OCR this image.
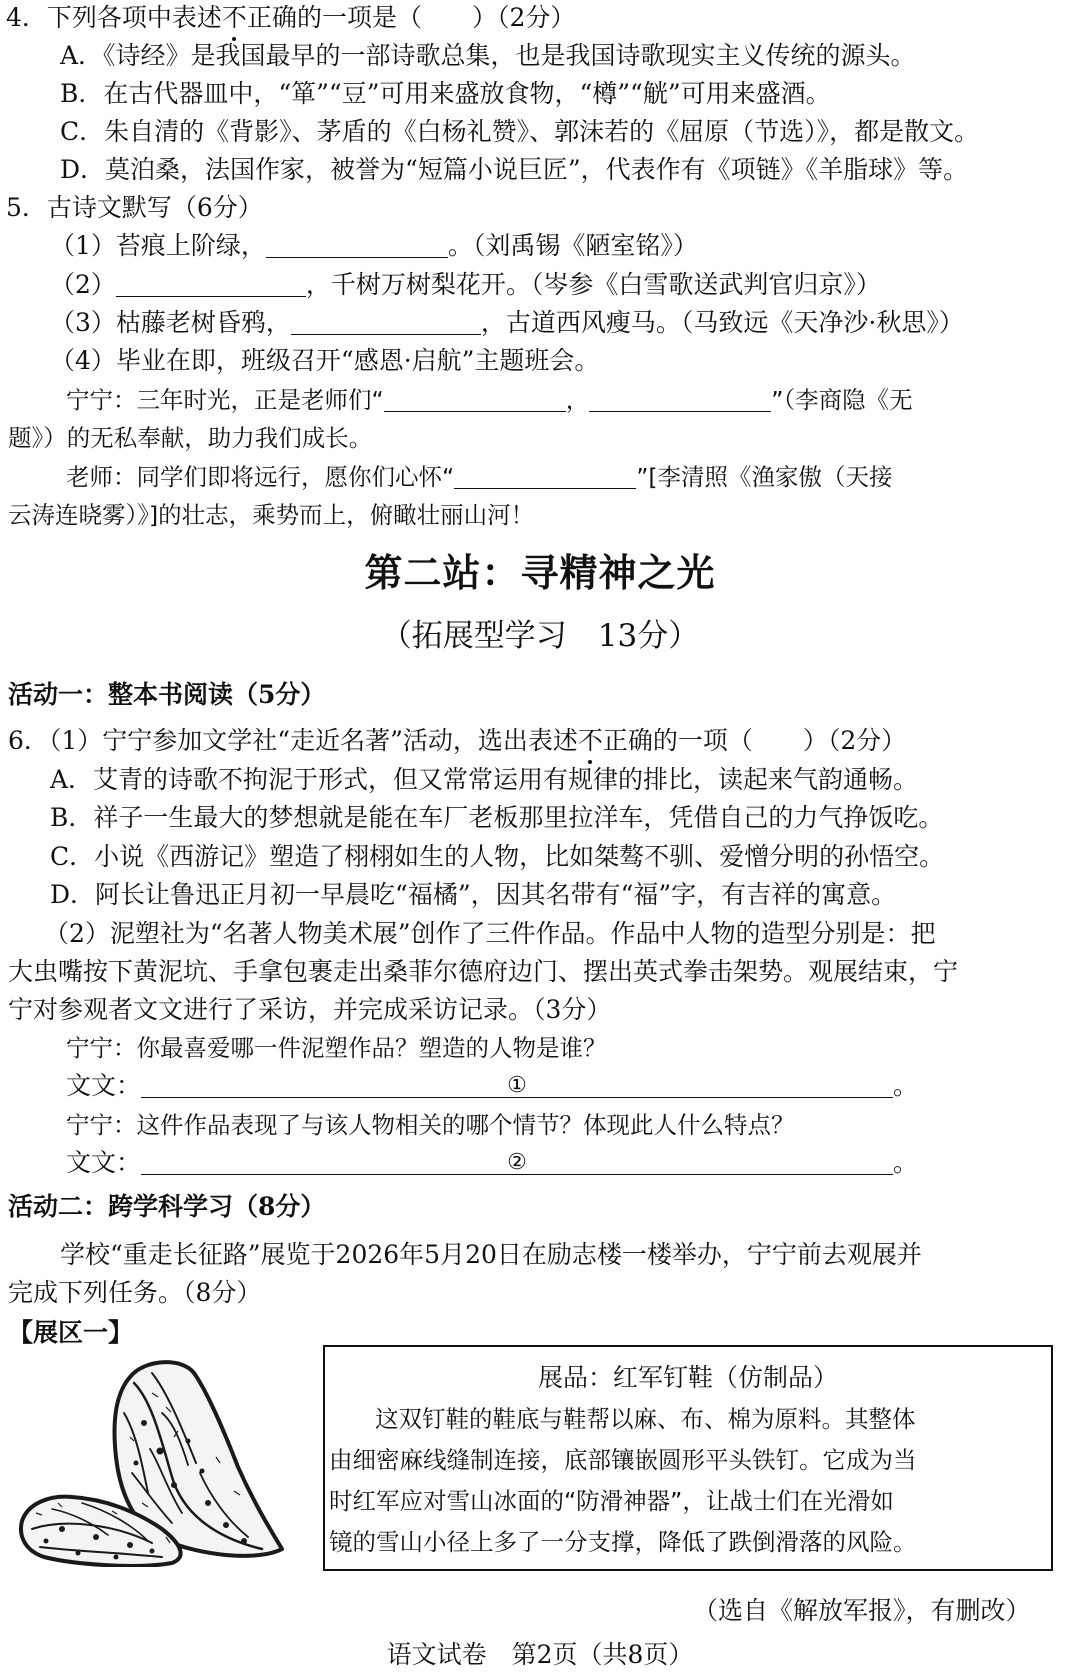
4．下列各项中表述不正确的一项是（　　）（2分）
A．《诗经》是我国最早的一部诗歌总集，也是我国诗歌现实主义传统的源头。
B．在古代器皿中，“箪”“豆”可用来盛放食物，“樽”“觥”可用来盛酒。
C．朱自清的《背影》、茅盾的《白杨礼赞》、郭沫若的《屈原（节选）》，都是散文。
D．莫泊桑，法国作家，被誉为“短篇小说巨匠”，代表作有《项链》《羊脂球》等。
5．古诗文默写（6分）
（1）苔痕上阶绿，	。（刘禹锡《陋室铭》）
（2）	，千树万树梨花开。（岑参《白雪歌送武判官归京》）
（3）枯藤老树昏鸦，	，古道西风瘦马。（马致远《天净沙·秋思》）
（4）毕业在即，班级召开“感恩·启航”主题班会。
宁宁：三年时光，正是老师们“	，	”（李商隐《无
题》）的无私奉献，助力我们成长。
老师：同学们即将远行，愿你们心怀“	”[李清照《渔家傲（天接
云涛连晓雾）》]的壮志，乘势而上，俯瞰壮丽山河！
第二站：寻精神之光
（拓展型学习　13分）
活动一：整本书阅读（5分）
6．（1）宁宁参加文学社“走近名著”活动，选出表述不正确的一项（　　）（2分）
A．艾青的诗歌不拘泥于形式，但又常常运用有规律的排比，读起来气韵通畅。
B．祥子一生最大的梦想就是能在车厂老板那里拉洋车，凭借自己的力气挣饭吃。
C．小说《西游记》塑造了栩栩如生的人物，比如桀骜不驯、爱憎分明的孙悟空。
D．阿长让鲁迅正月初一早晨吃“福橘”，因其名带有“福”字，有吉祥的寓意。
（2）泥塑社为“名著人物美术展”创作了三件作品。作品中人物的造型分别是：把
大虫嘴按下黄泥坑、手拿包裹走出桑菲尔德府边门、摆出英式拳击架势。观展结束，宁
宁对参观者文文进行了采访，并完成采访记录。（3分）
宁宁：你最喜爱哪一件泥塑作品？塑造的人物是谁？
文文：	①	。
宁宁：这件作品表现了与该人物相关的哪个情节？体现此人什么特点？
文文：	②	。
活动二：跨学科学习（8分）
学校“重走长征路”展览于2026年5月20日在励志楼一楼举办，宁宁前去观展并
完成下列任务。（8分）
【展区一】
展品：红军钉鞋（仿制品）
这双钉鞋的鞋底与鞋帮以麻、布、棉为原料。其整体
由细密麻线缝制连接，底部镶嵌圆形平头铁钉。它成为当
时红军应对雪山冰面的“防滑神器”，让战士们在光滑如
镜的雪山小径上多了一分支撑，降低了跌倒滑落的风险。
（选自《解放军报》，有删改）
语文试卷　第2页（共8页）
